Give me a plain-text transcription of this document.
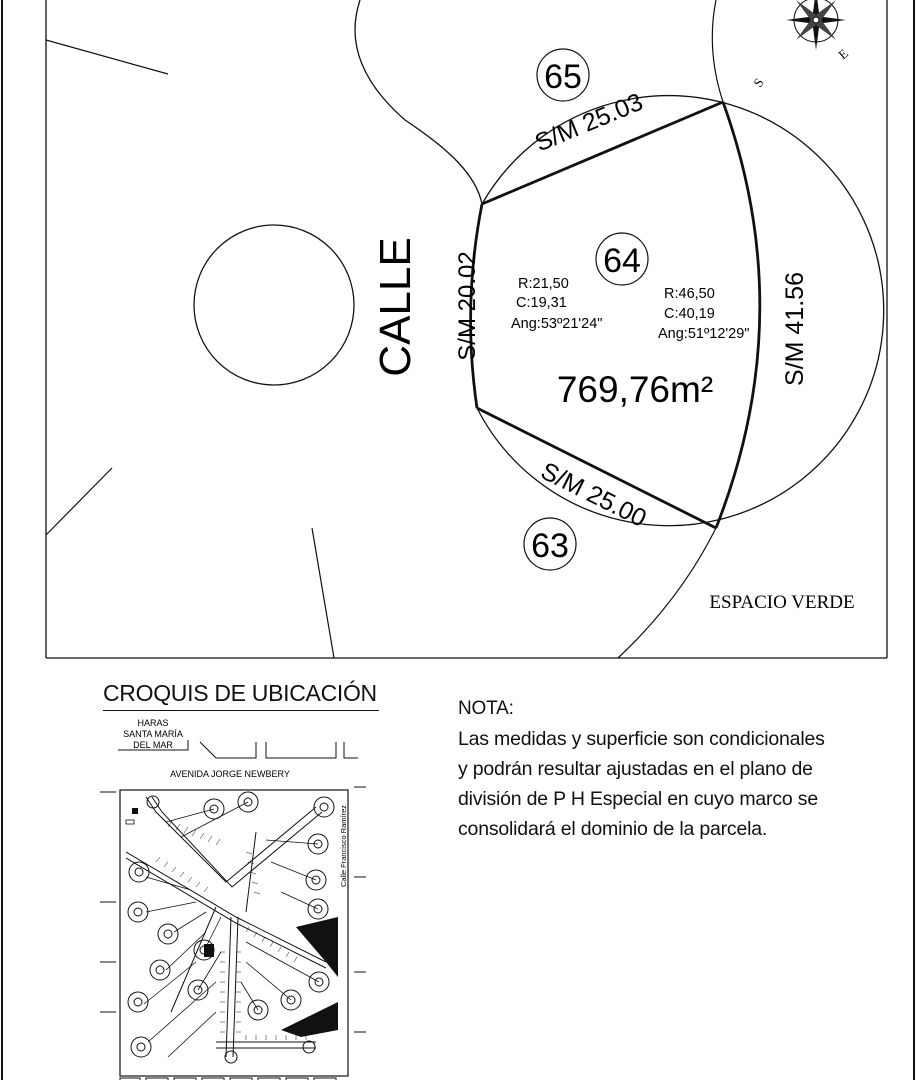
65
64
63
CALLE
S/M 25.03
S/M 25.00
S/M 20.02	S/M 41.56
R:21,50
C:19,31
Ang:53º21'24"
R:46,50
C:40,19
Ang:51º12'29"
769,76m²
ESPACIO VERDE
S
E
CROQUIS DE UBICACIÓN
HARAS
SANTA MARÍA
DEL MAR
AVENIDA JORGE NEWBERY
Calle Francisco Ramírez
NOTA:
Las medidas y superficie son condicionales
y podrán resultar ajustadas en el plano de
división de P H Especial en cuyo marco se
consolidará el dominio de la parcela.
